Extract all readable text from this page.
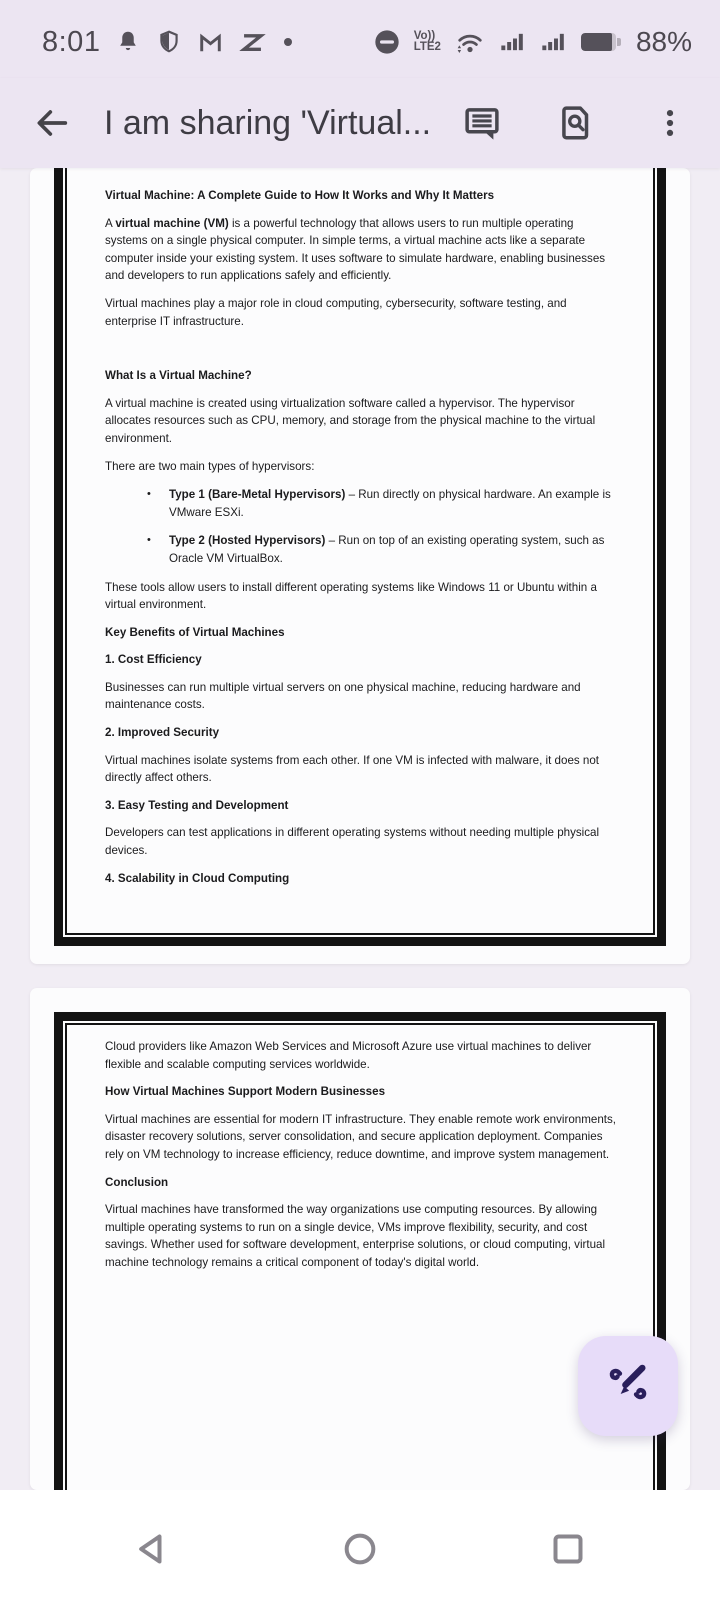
8:01	Vo))
LTE2	88%
I am sharing 'Virtual...

Virtual Machine: A Complete Guide to How It Works and Why It Matters

A virtual machine (VM) is a powerful technology that allows users to run multiple operating systems on a single physical computer. In simple terms, a virtual machine acts like a separate computer inside your existing system. It uses software to simulate hardware, enabling businesses and developers to run applications safely and efficiently.

Virtual machines play a major role in cloud computing, cybersecurity, software testing, and enterprise IT infrastructure.

What Is a Virtual Machine?

A virtual machine is created using virtualization software called a hypervisor. The hypervisor allocates resources such as CPU, memory, and storage from the physical machine to the virtual environment.

There are two main types of hypervisors:

•	Type 1 (Bare-Metal Hypervisors) – Run directly on physical hardware. An example is VMware ESXi.
•	Type 2 (Hosted Hypervisors) – Run on top of an existing operating system, such as Oracle VM VirtualBox.

These tools allow users to install different operating systems like Windows 11 or Ubuntu within a virtual environment.

Key Benefits of Virtual Machines

1. Cost Efficiency

Businesses can run multiple virtual servers on one physical machine, reducing hardware and maintenance costs.

2. Improved Security

Virtual machines isolate systems from each other. If one VM is infected with malware, it does not directly affect others.

3. Easy Testing and Development

Developers can test applications in different operating systems without needing multiple physical devices.

4. Scalability in Cloud Computing

Cloud providers like Amazon Web Services and Microsoft Azure use virtual machines to deliver flexible and scalable computing services worldwide.

How Virtual Machines Support Modern Businesses

Virtual machines are essential for modern IT infrastructure. They enable remote work environments, disaster recovery solutions, server consolidation, and secure application deployment. Companies rely on VM technology to increase efficiency, reduce downtime, and improve system management.

Conclusion

Virtual machines have transformed the way organizations use computing resources. By allowing multiple operating systems to run on a single device, VMs improve flexibility, security, and cost savings. Whether used for software development, enterprise solutions, or cloud computing, virtual machine technology remains a critical component of today's digital world.
